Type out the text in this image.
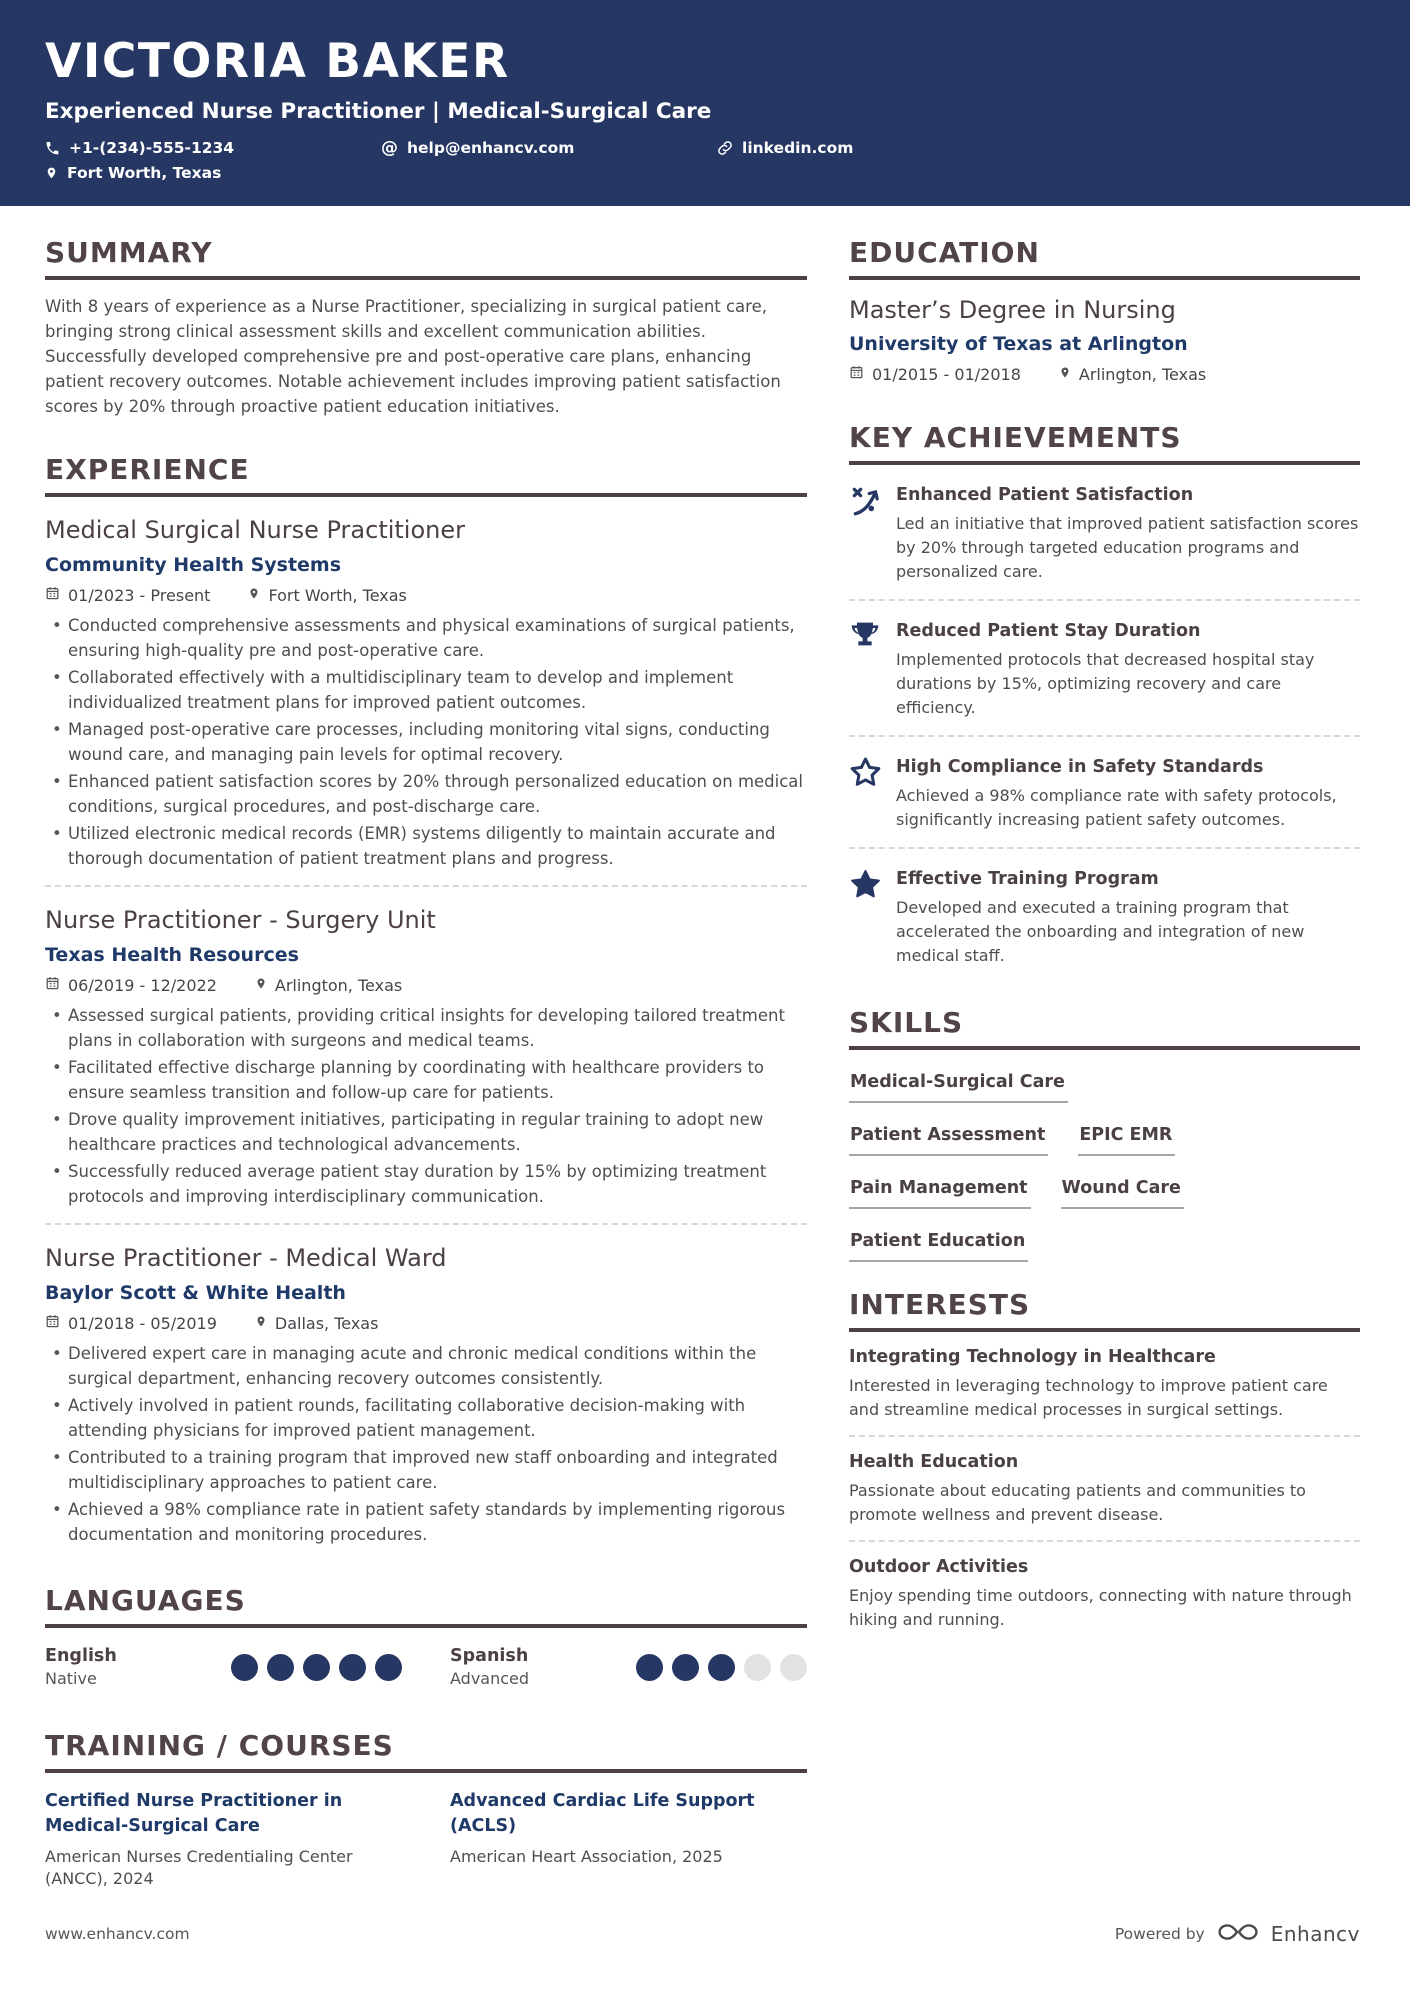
VICTORIA BAKER
Experienced Nurse Practitioner | Medical-Surgical Care
+1-(234)-555-1234	@ help@enhancv.com	linkedin.com
Fort Worth, Texas
SUMMARY

With 8 years of experience as a Nurse Practitioner, specializing in surgical patient care, bringing strong clinical assessment skills and excellent communication abilities. Successfully developed comprehensive pre and post-operative care plans, enhancing patient recovery outcomes. Notable achievement includes improving patient satisfaction scores by 20% through proactive patient education initiatives.

EXPERIENCE
Medical Surgical Nurse Practitioner
Community Health Systems
01/2023 - Present	Fort Worth, Texas
• Conducted comprehensive assessments and physical examinations of surgical patients, ensuring high-quality pre and post-operative care.
• Collaborated effectively with a multidisciplinary team to develop and implement individualized treatment plans for improved patient outcomes.
• Managed post-operative care processes, including monitoring vital signs, conducting wound care, and managing pain levels for optimal recovery.
• Enhanced patient satisfaction scores by 20% through personalized education on medical conditions, surgical procedures, and post-discharge care.
• Utilized electronic medical records (EMR) systems diligently to maintain accurate and thorough documentation of patient treatment plans and progress.
Nurse Practitioner - Surgery Unit
Texas Health Resources
06/2019 - 12/2022	Arlington, Texas
• Assessed surgical patients, providing critical insights for developing tailored treatment plans in collaboration with surgeons and medical teams.
• Facilitated effective discharge planning by coordinating with healthcare providers to ensure seamless transition and follow-up care for patients.
• Drove quality improvement initiatives, participating in regular training to adopt new healthcare practices and technological advancements.
• Successfully reduced average patient stay duration by 15% by optimizing treatment protocols and improving interdisciplinary communication.
Nurse Practitioner - Medical Ward
Baylor Scott & White Health
01/2018 - 05/2019	Dallas, Texas
• Delivered expert care in managing acute and chronic medical conditions within the surgical department, enhancing recovery outcomes consistently.
• Actively involved in patient rounds, facilitating collaborative decision-making with attending physicians for improved patient management.
• Contributed to a training program that improved new staff onboarding and integrated multidisciplinary approaches to patient care.
• Achieved a 98% compliance rate in patient safety standards by implementing rigorous documentation and monitoring procedures.
LANGUAGES
English
Native
Spanish
Advanced
TRAINING / COURSES
Certified Nurse Practitioner in Medical-Surgical Care
American Nurses Credentialing Center (ANCC), 2024
Advanced Cardiac Life Support (ACLS)
American Heart Association, 2025
EDUCATION
Master’s Degree in Nursing
University of Texas at Arlington
01/2015 - 01/2018	Arlington, Texas
KEY ACHIEVEMENTS
Enhanced Patient Satisfaction

Led an initiative that improved patient satisfaction scores by 20% through targeted education programs and personalized care.

Reduced Patient Stay Duration

Implemented protocols that decreased hospital stay durations by 15%, optimizing recovery and care efficiency.

High Compliance in Safety Standards

Achieved a 98% compliance rate with safety protocols, significantly increasing patient safety outcomes.

Effective Training Program

Developed and executed a training program that accelerated the onboarding and integration of new medical staff.

SKILLS
Medical-Surgical Care
Patient Assessment EPIC EMR
Pain Management Wound Care
Patient Education
INTERESTS
Integrating Technology in Healthcare

Interested in leveraging technology to improve patient care and streamline medical processes in surgical settings.

Health Education

Passionate about educating patients and communities to promote wellness and prevent disease.

Outdoor Activities

Enjoy spending time outdoors, connecting with nature through hiking and running.

www.enhancv.com	Powered by	Enhancv
